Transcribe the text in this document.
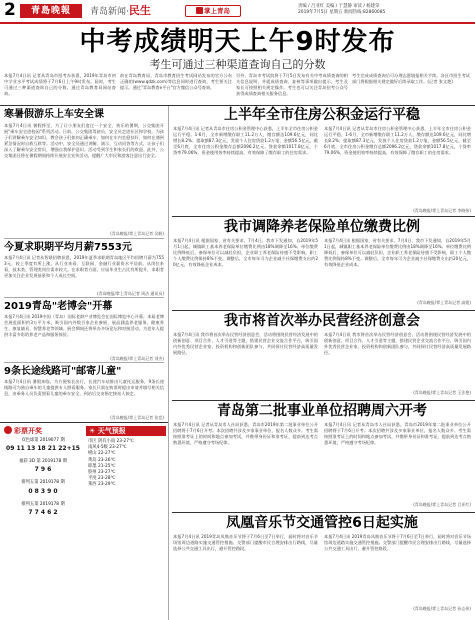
2	青島晚報	青岛新闻·民生	掌上青岛
责编 / 吕亚红 美编 / 于慧静 审读 / 杨建荣
2019年7月5日 星期五 新闻热线:82860085
中考成绩明天上午9时发布
考生可通过三种渠道查询自己的分数
本报7月4日讯 记者从青岛市招考办获悉，2019年青岛市初中学业水平考试成绩将于7月6日上午9时发布。届时，考生可通过三种渠道查询自己的分数。通过青岛教育局网站查询。
前在青岛教育局、青岛市教育招生考试网站发布的官方公布正确的(www.qdzk.com)等信息同时进行查询，考生要关注提示。通过"青岛教育e平台"官方微信公众号查询。
另外，青岛市考试院将于7月5日发布有关中考成绩查询的相关信息说明，并就成绩查询、复核等事项做出提示，考生及家长可按照相关规定操作。考生也可以关注青岛招考公众号获得成绩查询相关服务信息。
考生完成成绩查询后可办理志愿填报相关手续。各区市招生考试部门将根据相关规定做好后续录取工作。(记者 张文艳)
寒暑假游乐上车安全课
本报7月4日讯 暑假将至，为了让小朋友们度过一个安全、快乐的暑期，公交集团开展"乘车安全进校园"系列活动。日前，公交集团驾驶员、安全员走进社区和学校，为孩子们讲解乘车安全知识，教会孩子们如何正确乘车、如何在车内坐稳扶好、如何在遇到紧急情况时自救互救等。活动中，安全员通过讲解、演示、互动问答等方式，让孩子们深入了解乘车安全常识，增强自我保护意识。活动受到学生和家长们的欢迎。此外，公交集团还将在暑假期间持续开展安全宣传活动，提醒广大市民和游客注意出行安全。
(青岛晚报/掌上青岛记者 吴帆)
今夏求职期平均月薪7553元
本报7月4日讯 记者从智联招聘获悉，2019年夏季求职期青岛地区平均招聘月薪为7553元，较上季度有所上涨。从行业来看，互联网、金融行业薪资水平居前。从岗位来看，技术类、管理类岗位需求较大。在求职者方面，应届毕业生占比有所提升，求职者更加关注企业发展前景和个人成长空间。
(青岛晚报/掌上青岛记者 周洁 通讯员)
2019青岛"老博会"开幕
本报7月4日讯 2019中国（青岛）国际老龄产业博览会在国际博览中心开幕。本届老博会展览面积约3万平方米，吸引国内外数百家企业参展，展品涵盖养老服务、健康养生、康复辅具、智慧养老等领域。展会期间还将举办多场论坛和对接活动，为老年人提供丰富多彩的养老产品和服务体验。
(青岛晚报/掌上青岛记者 刘杰)
9条长途线路可"邮寄儿童"
本报7月4日讯 暑假来临，为方便家长出行，长途汽车站推出儿童托运服务，9条长途线路可为独自乘车的儿童提供专人照看服务。家长只需在购票时提出申请并填写相关信息，由乘务人员负责照看儿童的乘车安全，到站后交由指定接站人接走。
(青岛晚报/掌上青岛记者 张竞)
彩票开奖
双色球第 2019077 期
09 11 13 18 21 22+15
福彩 3D 第 2019178 期
7 9 6
排列五第 2019178 期
0 8 3 9 0
排列五第 2019178 期
7 7 4 6 2
☀ 天气预报
市区 阴有小雨 23-27℃
南风4-5级 23-27℃
崂山 22-27℃
黄岛 23-26℃
即墨 21-25℃
胶州 23-27℃
平度 23-28℃
莱西 23-29℃
上半年全市住房公积金运行平稳
本报7月4日讯 记者从青岛市住房公积金管理中心获悉，上半年全市住房公积金运行平稳。1-6月，全市新增缴存职工11.2万人，缴存额达109.6亿元，同比增长8.2%；提取额87.3亿元，发放个人住房贷款1.2万笔、金额56.5亿元。截至6月底，全市住房公积金缴存总额2096.2亿元，贷款余额1017.8亿元，个贷率79.06%，资金使用效率持续提高，有效保障了缴存职工的住房需求。
本报7月4日讯 记者从青岛市住房公积金管理中心获悉，上半年全市住房公积金运行平稳。1-6月，全市新增缴存职工11.2万人，缴存额达109.6亿元，同比增长8.2%；提取额87.3亿元，发放个人住房贷款1.2万笔、金额56.5亿元。截至6月底，全市住房公积金缴存总额2096.2亿元，贷款余额1017.8亿元，个贷率79.06%，资金使用效率持续提高，有效保障了缴存职工的住房需求。
(青岛晚报/掌上青岛记者 李晓伟)
我市调降养老保险单位缴费比例
本报7月4日讯 根据国家、省有关要求，7月4日，我市下发通知，自2019年5月1日起，城镇职工基本养老保险单位缴费比例由18%调降至16%。单位缴费比例降低后，参保单位可以减轻负担，企业职工养老保险待遇不受影响，职工个人缴费比例保持8%不变。调整后，全市每年可为企业减少社保缴费支出约20亿元，有效降低企业成本。
本报7月4日讯 根据国家、省有关要求，7月4日，我市下发通知，自2019年5月1日起，城镇职工基本养老保险单位缴费比例由18%调降至16%。单位缴费比例降低后，参保单位可以减轻负担，企业职工养老保险待遇不受影响，职工个人缴费比例保持8%不变。调整后，全市每年可为企业减少社保缴费支出约20亿元，有效降低企业成本。
(青岛晚报/掌上青岛记者 高媛)
我市将首次举办民营经济创意会
本报7月4日讯 我市将首次举办民营经济创意会，活动将围绕民营经济发展中的创新创意、项目合作、人才引进等主题，搭建民营企业交流合作平台，吸引国内外优秀民营企业家、投资机构和创新团队参与，共同探讨民营经济高质量发展路径。
本报7月4日讯 我市将首次举办民营经济创意会，活动将围绕民营经济发展中的创新创意、项目合作、人才引进等主题，搭建民营企业交流合作平台，吸引国内外优秀民营企业家、投资机构和创新团队参与，共同探讨民营经济高质量发展路径。
(青岛晚报/掌上青岛记者 王法艳)
青岛第二批事业单位招聘周六开考
本报7月4日讯 记者从青岛市人社局获悉，青岛市2019年第二批事业单位公开招聘将于7月6日开考。本次招聘共涉及多家事业单位，报名人数众多。考生需按照准考证上的时间和地点参加考试，并携带身份证和准考证，提前到达考点熟悉环境，严格遵守考场纪律。
本报7月4日讯 记者从青岛市人社局获悉，青岛市2019年第二批事业单位公开招聘将于7月6日开考。本次招聘共涉及多家事业单位，报名人数众多。考生需按照准考证上的时间和地点参加考试，并携带身份证和准考证，提前到达考点熟悉环境，严格遵守考场纪律。
(青岛晚报/掌上青岛记者 吕亚红)
凤凰音乐节交通管控6日起实施
本报7月4日讯 2019青岛凤凰音乐节将于7月6日至7日举行，届时将对音乐节场馆周边道路实施交通管控措施。交警部门提醒市民合理安排出行路线，尽量选择公共交通工具出行，避开管控路段。
本报7月4日讯 2019青岛凤凰音乐节将于7月6日至7日举行，届时将对音乐节场馆周边道路实施交通管控措施。交警部门提醒市民合理安排出行路线，尽量选择公共交通工具出行，避开管控路段。
(青岛晚报/掌上青岛记者 孙志伟)
